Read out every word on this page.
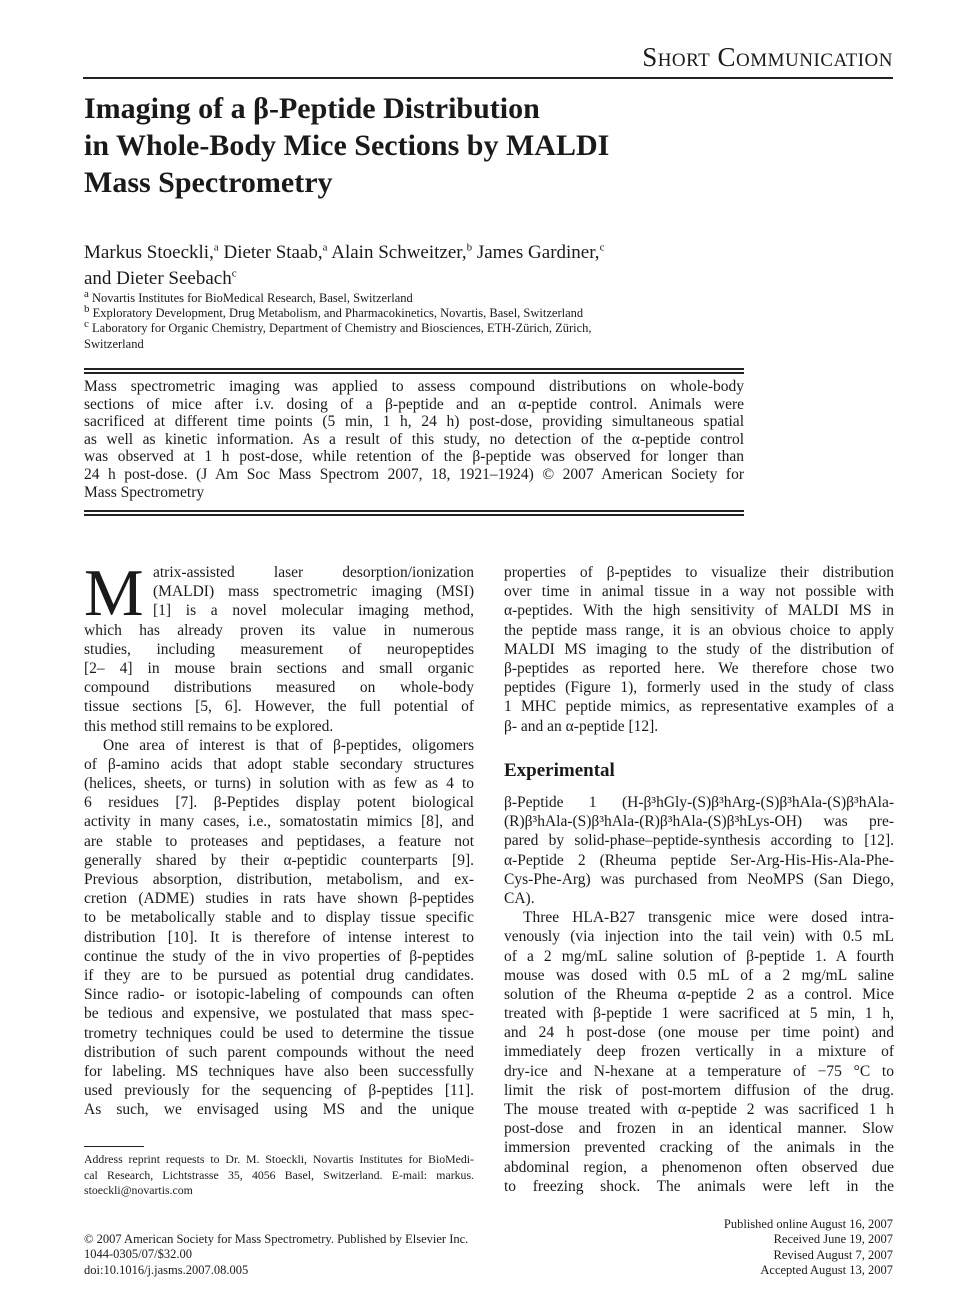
Short Communication
Imaging of a β-Peptide Distribution
in Whole-Body Mice Sections by MALDI
Mass Spectrometry
Markus Stoeckli,$^a$ Dieter Staab,$^a$ Alain Schweitzer,$^b$ James Gardiner,$^c$
and Dieter Seebach$^c$
$^a$ Novartis Institutes for BioMedical Research, Basel, Switzerland
$^b$ Exploratory Development, Drug Metabolism, and Pharmacokinetics, Novartis, Basel, Switzerland
$^c$ Laboratory for Organic Chemistry, Department of Chemistry and Biosciences, ETH-Zürich, Zürich,
Switzerland
Mass spectrometric imaging was applied to assess compound distributions on whole-body
sections of mice after i.v. dosing of a β-peptide and an α-peptide control. Animals were
sacrificed at different time points (5 min, 1 h, 24 h) post-dose, providing simultaneous spatial
as well as kinetic information. As a result of this study, no detection of the α-peptide control
was observed at 1 h post-dose, while retention of the β-peptide was observed for longer than
24 h post-dose. (J Am Soc Mass Spectrom 2007, 18, 1921–1924) © 2007 American Society for
Mass Spectrometry
M atrix-assisted laser desorption/ionization
(MALDI) mass spectrometric imaging (MSI)
[1] is a novel molecular imaging method,
which has already proven its value in numerous
studies, including measurement of neuropeptides
[2– 4] in mouse brain sections and small organic
compound distributions measured on whole-body
tissue sections [5, 6]. However, the full potential of
this method still remains to be explored.
One area of interest is that of β-peptides, oligomers
of β-amino acids that adopt stable secondary structures
(helices, sheets, or turns) in solution with as few as 4 to
6 residues [7]. β-Peptides display potent biological
activity in many cases, i.e., somatostatin mimics [8], and
are stable to proteases and peptidases, a feature not
generally shared by their α-peptidic counterparts [9].
Previous absorption, distribution, metabolism, and ex-
cretion (ADME) studies in rats have shown β-peptides
to be metabolically stable and to display tissue specific
distribution [10]. It is therefore of intense interest to
continue the study of the in vivo properties of β-peptides
if they are to be pursued as potential drug candidates.
Since radio- or isotopic-labeling of compounds can often
be tedious and expensive, we postulated that mass spec-
trometry techniques could be used to determine the tissue
distribution of such parent compounds without the need
for labeling. MS techniques have also been successfully
used previously for the sequencing of β-peptides [11].
As such, we envisaged using MS and the unique
Address reprint requests to Dr. M. Stoeckli, Novartis Institutes for BioMedi-
cal Research, Lichtstrasse 35, 4056 Basel, Switzerland. E-mail: markus.
stoeckli@novartis.com
properties of β-peptides to visualize their distribution
over time in animal tissue in a way not possible with
α-peptides. With the high sensitivity of MALDI MS in
the peptide mass range, it is an obvious choice to apply
MALDI MS imaging to the study of the distribution of
β-peptides as reported here. We therefore chose two
peptides (Figure 1), formerly used in the study of class
1 MHC peptide mimics, as representative examples of a
β- and an α-peptide [12].
Experimental
β-Peptide 1 (H-β³hGly-(S)β³hArg-(S)β³hAla-(S)β³hAla-
(R)β³hAla-(S)β³hAla-(R)β³hAla-(S)β³hLys-OH) was pre-
pared by solid-phase–peptide-synthesis according to [12].
α-Peptide 2 (Rheuma peptide Ser-Arg-His-His-Ala-Phe-
Cys-Phe-Arg) was purchased from NeoMPS (San Diego,
CA).
Three HLA-B27 transgenic mice were dosed intra-
venously (via injection into the tail vein) with 0.5 mL
of a 2 mg/mL saline solution of β-peptide 1. A fourth
mouse was dosed with 0.5 mL of a 2 mg/mL saline
solution of the Rheuma α-peptide 2 as a control. Mice
treated with β-peptide 1 were sacrificed at 5 min, 1 h,
and 24 h post-dose (one mouse per time point) and
immediately deep frozen vertically in a mixture of
dry-ice and N-hexane at a temperature of −75 °C to
limit the risk of post-mortem diffusion of the drug.
The mouse treated with α-peptide 2 was sacrificed 1 h
post-dose and frozen in an identical manner. Slow
immersion prevented cracking of the animals in the
abdominal region, a phenomenon often observed due
to freezing shock. The animals were left in the
© 2007 American Society for Mass Spectrometry. Published by Elsevier Inc.
1044-0305/07/$32.00
doi:10.1016/j.jasms.2007.08.005
Published online August 16, 2007
Received June 19, 2007
Revised August 7, 2007
Accepted August 13, 2007
